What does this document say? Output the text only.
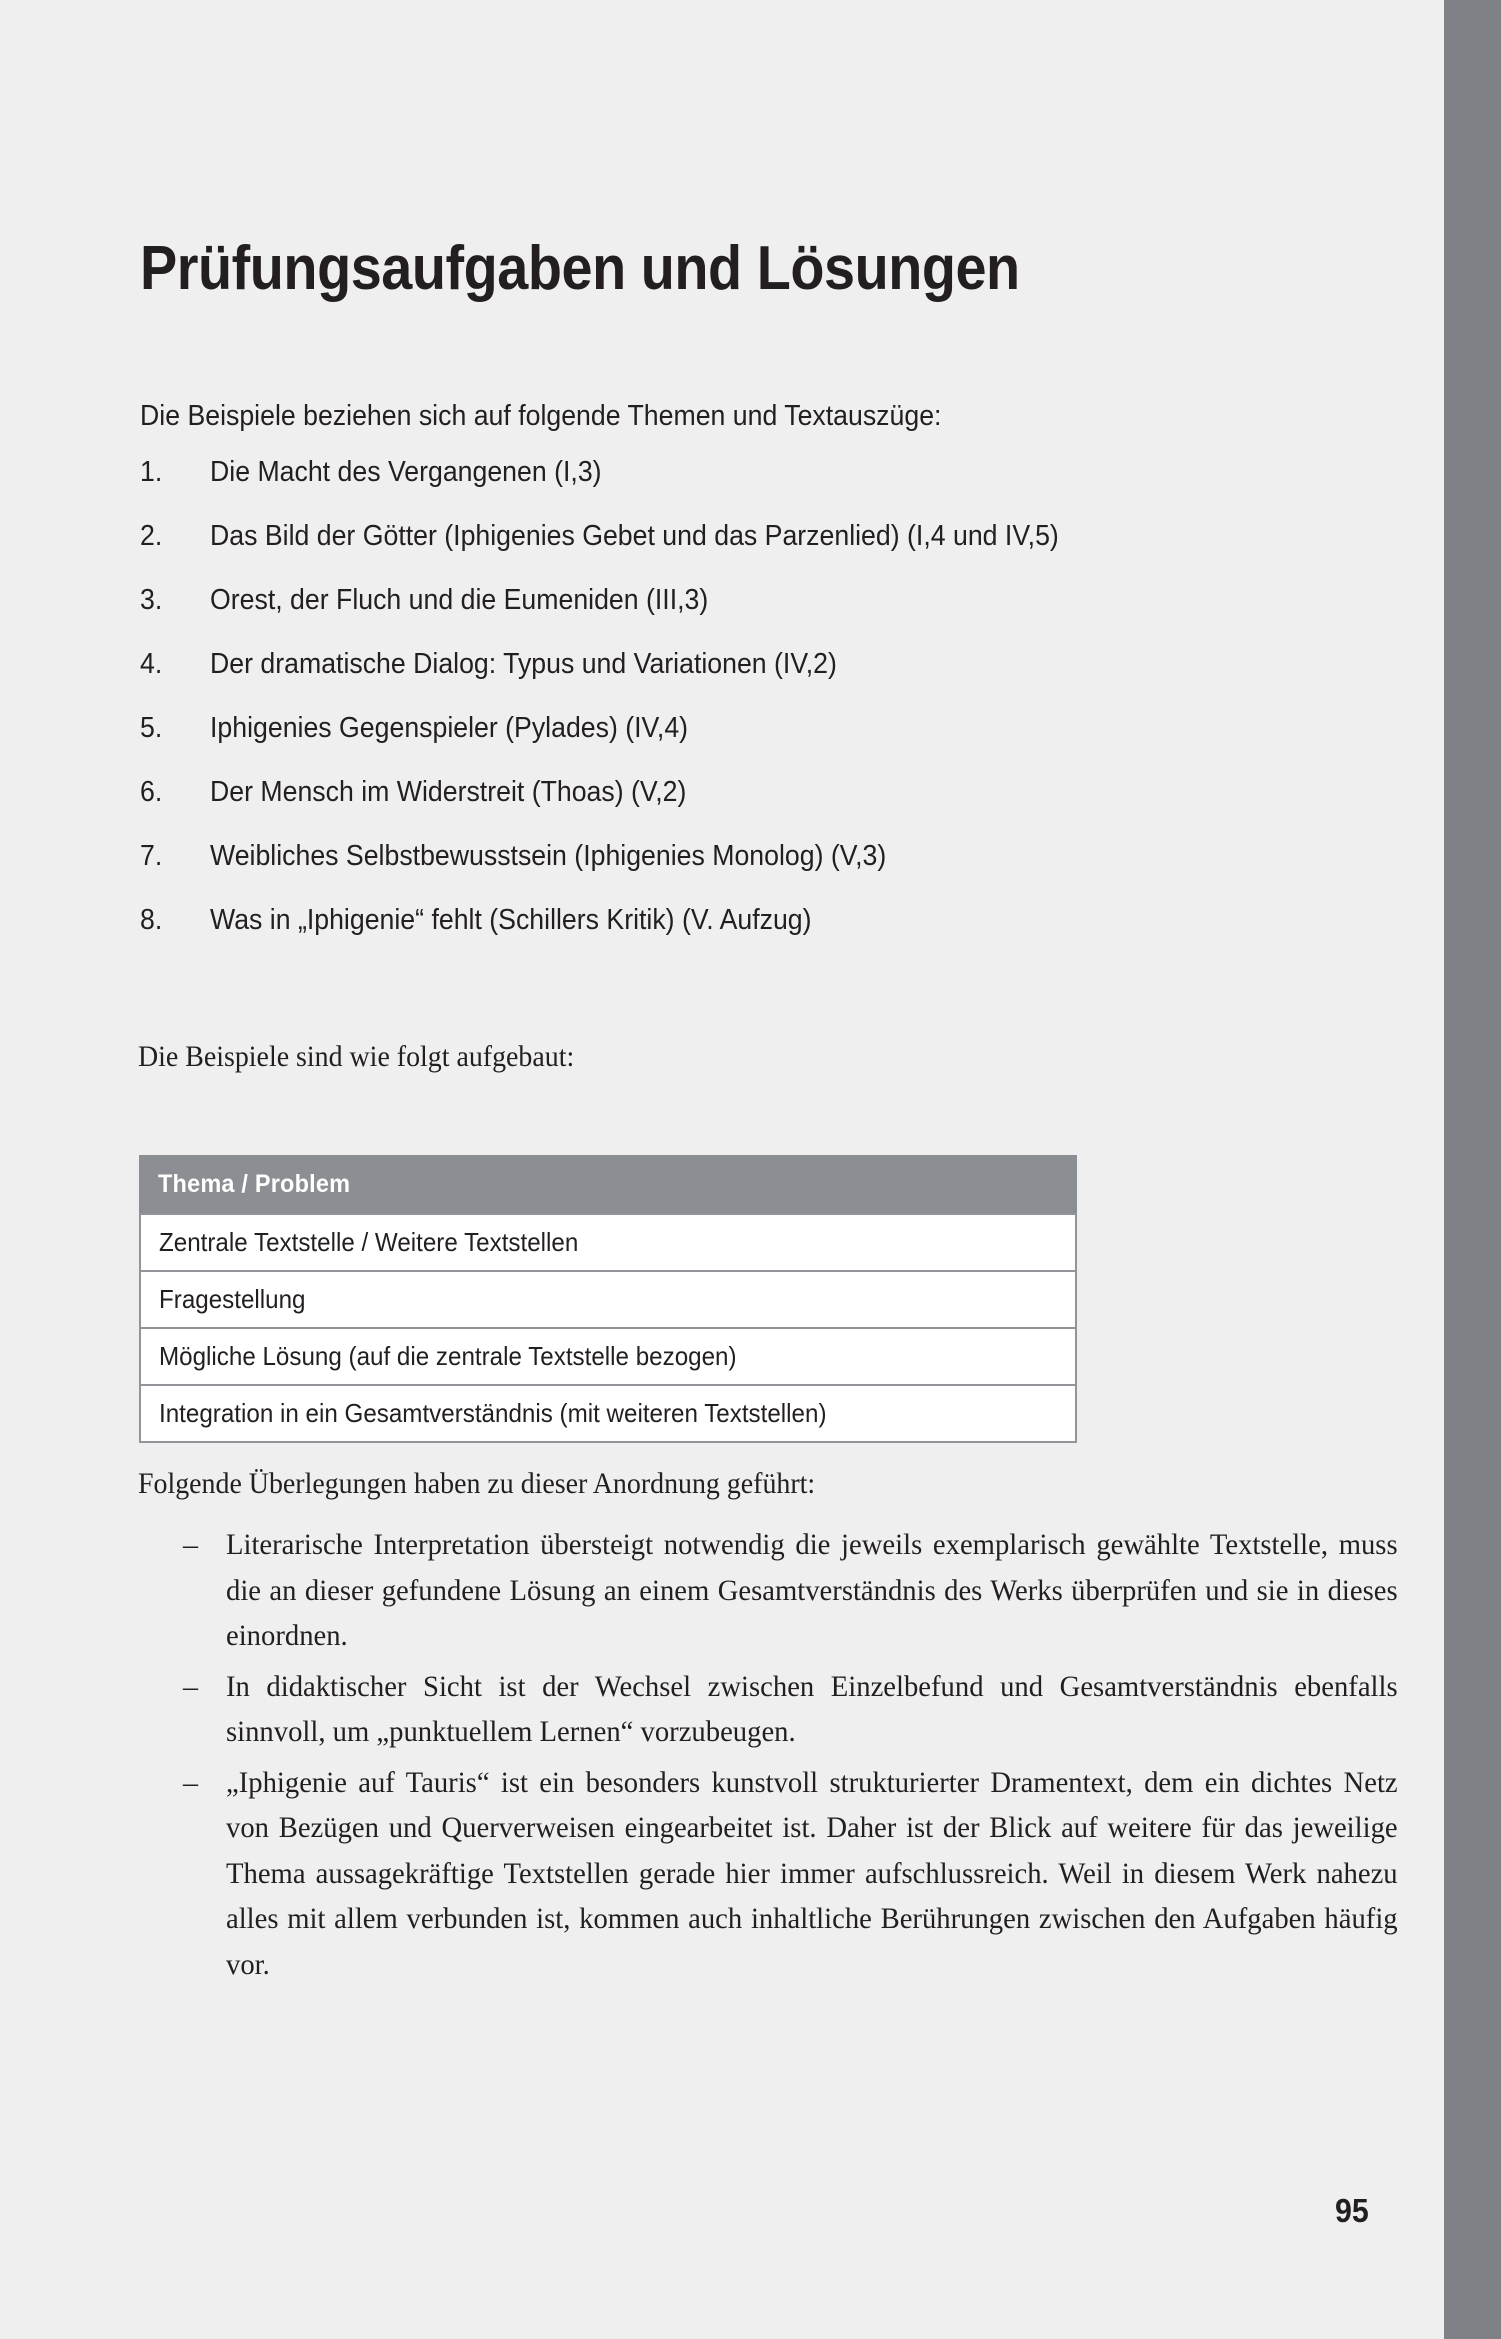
Prüfungsaufgaben und Lösungen
Die Beispiele beziehen sich auf folgende Themen und Textauszüge:
1.	Die Macht des Vergangenen (I,3)
2.	Das Bild der Götter (Iphigenies Gebet und das Parzenlied) (I,4 und IV,5)
3.	Orest, der Fluch und die Eumeniden (III,3)
4.	Der dramatische Dialog: Typus und Variationen (IV,2)
5.	Iphigenies Gegenspieler (Pylades) (IV,4)
6.	Der Mensch im Widerstreit (Thoas) (V,2)
7.	Weibliches Selbstbewusstsein (Iphigenies Monolog) (V,3)
8.	Was in „Iphigenie“ fehlt (Schillers Kritik) (V. Aufzug)
Die Beispiele sind wie folgt aufgebaut:
Thema / Problem
Zentrale Textstelle / Weitere Textstellen
Fragestellung
Mögliche Lösung (auf die zentrale Textstelle bezogen)
Integration in ein Gesamtverständnis (mit weiteren Textstellen)
Folgende Überlegungen haben zu dieser Anordnung geführt:
– Literarische Interpretation übersteigt notwendig die jeweils exemplarisch gewählte Textstelle, muss die an dieser gefundene Lösung an einem Gesamtverständnis des Werks überprüfen und sie in dieses einordnen.
– In didaktischer Sicht ist der Wechsel zwischen Einzelbefund und Gesamtverständnis ebenfalls sinnvoll, um „punktuellem Lernen“ vorzubeugen.
– „Iphigenie auf Tauris“ ist ein besonders kunstvoll strukturierter Dramentext, dem ein dichtes Netz von Bezügen und Querverweisen eingearbeitet ist. Daher ist der Blick auf weitere für das jeweilige Thema aussagekräftige Textstellen gerade hier immer aufschlussreich. Weil in diesem Werk nahezu alles mit allem verbunden ist, kommen auch inhaltliche Berührungen zwischen den Aufgaben häufig vor.
95
